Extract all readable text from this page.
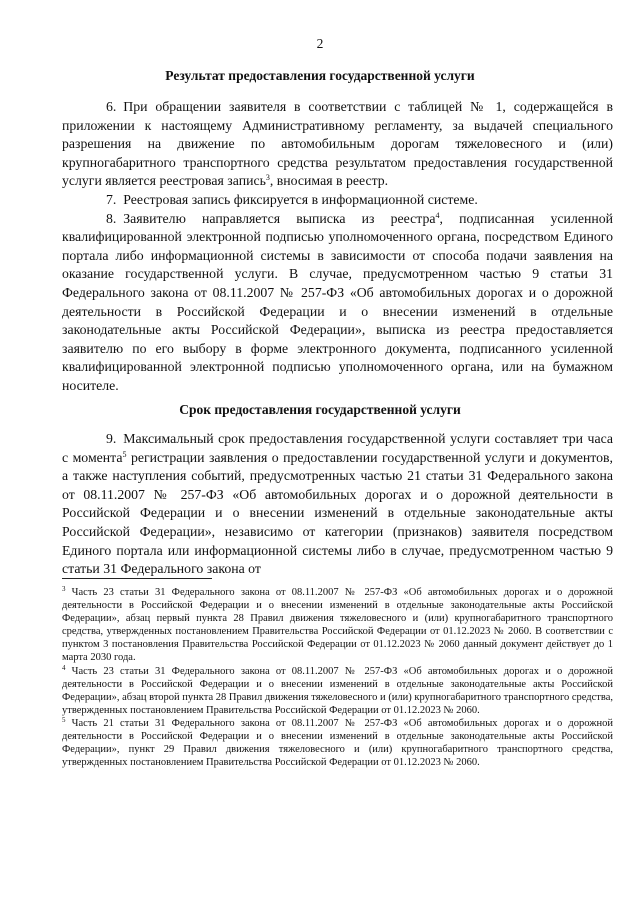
2
Результат предоставления государственной услуги

6. При обращении заявителя в соответствии с таблицей № 1, содержащейся в приложении к настоящему Административному регламенту, за выдачей специального разрешения на движение по автомобильным дорогам тяжеловесного и (или) крупногабаритного транспортного средства результатом предоставления государственной услуги является реестровая запись$^3$, вносимая в реестр.

7. Реестровая запись фиксируется в информационной системе.

8. Заявителю направляется выписка из реестра$^4$, подписанная усиленной квалифицированной электронной подписью уполномоченного органа, посредством Единого портала либо информационной системы в зависимости от способа подачи заявления на оказание государственной услуги. В случае, предусмотренном частью 9 статьи 31 Федерального закона от 08.11.2007 № 257-ФЗ «Об автомобильных дорогах и о дорожной деятельности в Российской Федерации и о внесении изменений в отдельные законодательные акты Российской Федерации», выписка из реестра предоставляется заявителю по его выбору в форме электронного документа, подписанного усиленной квалифицированной электронной подписью уполномоченного органа, или на бумажном носителе.

Срок предоставления государственной услуги

9. Максимальный срок предоставления государственной услуги составляет три часа с момента$^5$ регистрации заявления о предоставлении государственной услуги и документов, а также наступления событий, предусмотренных частью 21 статьи 31 Федерального закона от 08.11.2007 № 257-ФЗ «Об автомобильных дорогах и о дорожной деятельности в Российской Федерации и о внесении изменений в отдельные законодательные акты Российской Федерации», независимо от категории (признаков) заявителя посредством Единого портала или информационной системы либо в случае, предусмотренном частью 9 статьи 31 Федерального закона от

$^3$ Часть 23 статьи 31 Федерального закона от 08.11.2007 № 257-ФЗ «Об автомобильных дорогах и о дорожной деятельности в Российской Федерации и о внесении изменений в отдельные законодательные акты Российской Федерации», абзац первый пункта 28 Правил движения тяжеловесного и (или) крупногабаритного транспортного средства, утвержденных постановлением Правительства Российской Федерации от 01.12.2023 № 2060. В соответствии с пунктом 3 постановления Правительства Российской Федерации от 01.12.2023 № 2060 данный документ действует до 1 марта 2030 года.
$^4$ Часть 23 статьи 31 Федерального закона от 08.11.2007 № 257-ФЗ «Об автомобильных дорогах и о дорожной деятельности в Российской Федерации и о внесении изменений в отдельные законодательные акты Российской Федерации», абзац второй пункта 28 Правил движения тяжеловесного и (или) крупногабаритного транспортного средства, утвержденных постановлением Правительства Российской Федерации от 01.12.2023 № 2060.
$^5$ Часть 21 статьи 31 Федерального закона от 08.11.2007 № 257-ФЗ «Об автомобильных дорогах и о дорожной деятельности в Российской Федерации и о внесении изменений в отдельные законодательные акты Российской Федерации», пункт 29 Правил движения тяжеловесного и (или) крупногабаритного транспортного средства, утвержденных постановлением Правительства Российской Федерации от 01.12.2023 № 2060.
